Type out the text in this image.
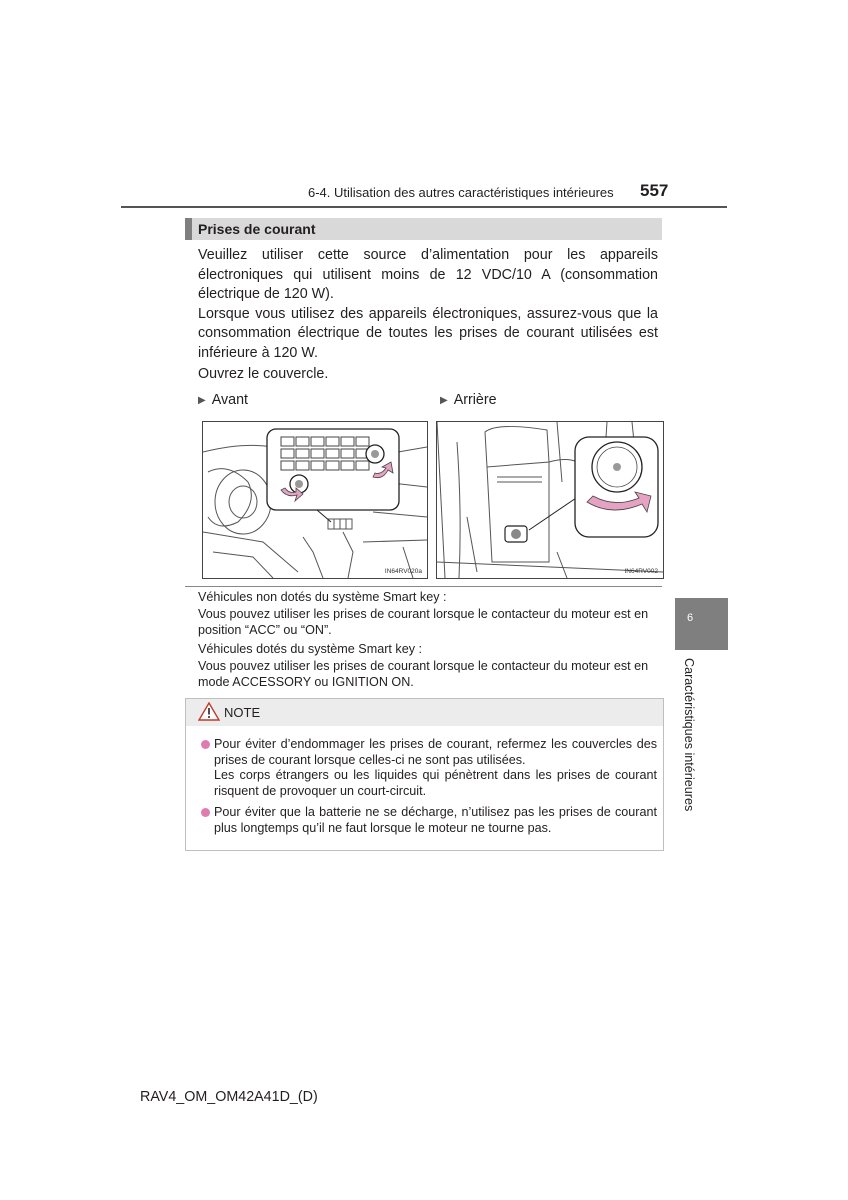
6-4. Utilisation des autres caractéristiques intérieures 557
Prises de courant
Veuillez utiliser cette source d’alimentation pour les appareils électroniques qui utilisent moins de 12 VDC/10 A (consommation électrique de 120 W).
Lorsque vous utilisez des appareils électroniques, assurez-vous que la consommation électrique de toutes les prises de courant utilisées est inférieure à 120 W.
Ouvrez le couvercle.
▶ Avant	▶ Arrière
IN64RV020a	IN64RV002
Véhicules non dotés du système Smart key :
Vous pouvez utiliser les prises de courant lorsque le contacteur du moteur est en position “ACC” ou “ON”.
Véhicules dotés du système Smart key :
Vous pouvez utiliser les prises de courant lorsque le contacteur du moteur est en mode ACCESSORY ou IGNITION ON.
NOTE
Pour éviter d’endommager les prises de courant, refermez les couvercles des prises de courant lorsque celles-ci ne sont pas utilisées.
Les corps étrangers ou les liquides qui pénètrent dans les prises de courant risquent de provoquer un court-circuit.
Pour éviter que la batterie ne se décharge, n’utilisez pas les prises de courant plus longtemps qu’il ne faut lorsque le moteur ne tourne pas.
6
Caractéristiques intérieures
RAV4_OM_OM42A41D_(D)
